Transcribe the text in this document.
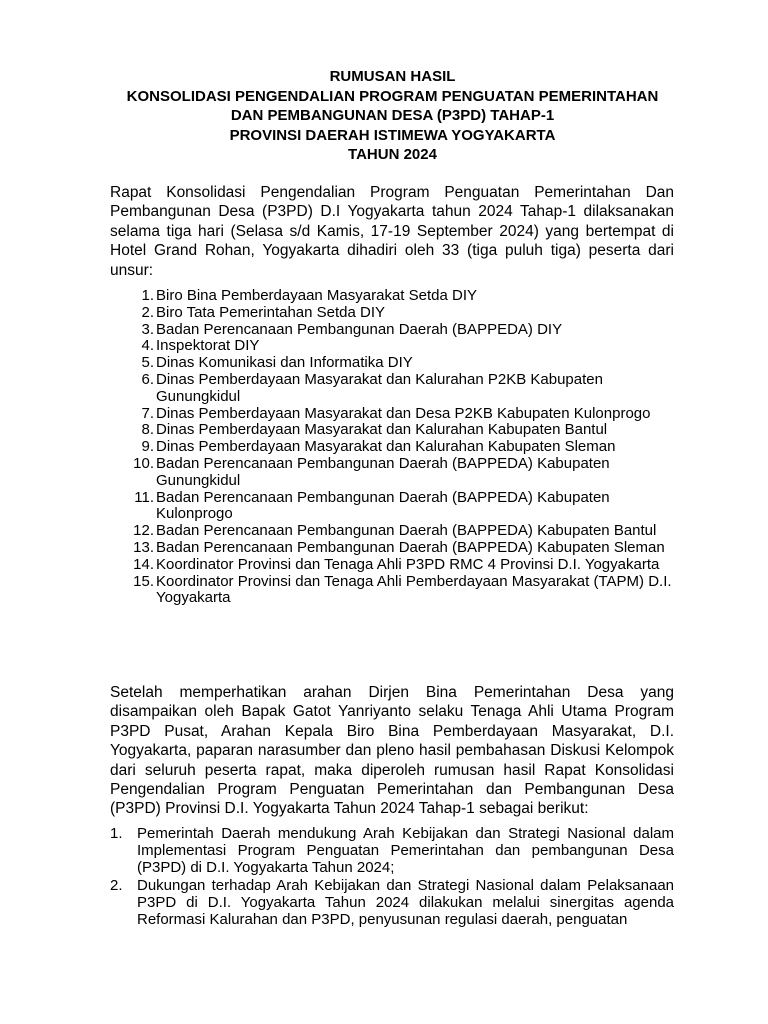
RUMUSAN HASIL
KONSOLIDASI PENGENDALIAN PROGRAM PENGUATAN PEMERINTAHAN
DAN PEMBANGUNAN DESA (P3PD) TAHAP-1
PROVINSI DAERAH ISTIMEWA YOGYAKARTA
TAHUN 2024

Rapat Konsolidasi Pengendalian Program Penguatan Pemerintahan Dan Pembangunan Desa (P3PD) D.I Yogyakarta tahun 2024 Tahap-1 dilaksanakan selama tiga hari (Selasa s/d Kamis, 17-19 September 2024) yang bertempat di Hotel Grand Rohan, Yogyakarta dihadiri oleh 33 (tiga puluh tiga) peserta dari unsur:

1. Biro Bina Pemberdayaan Masyarakat Setda DIY
2. Biro Tata Pemerintahan Setda DIY
3. Badan Perencanaan Pembangunan Daerah (BAPPEDA) DIY
4. Inspektorat DIY
5. Dinas Komunikasi dan Informatika DIY
6. Dinas Pemberdayaan Masyarakat dan Kalurahan P2KB Kabupaten Gunungkidul
7. Dinas Pemberdayaan Masyarakat dan Desa P2KB Kabupaten Kulonprogo
8. Dinas Pemberdayaan Masyarakat dan Kalurahan Kabupaten Bantul
9. Dinas Pemberdayaan Masyarakat dan Kalurahan Kabupaten Sleman
10. Badan Perencanaan Pembangunan Daerah (BAPPEDA) Kabupaten Gunungkidul
11. Badan Perencanaan Pembangunan Daerah (BAPPEDA) Kabupaten Kulonprogo
12. Badan Perencanaan Pembangunan Daerah (BAPPEDA) Kabupaten Bantul
13. Badan Perencanaan Pembangunan Daerah (BAPPEDA) Kabupaten Sleman
14. Koordinator Provinsi dan Tenaga Ahli P3PD RMC 4 Provinsi D.I. Yogyakarta
15. Koordinator Provinsi dan Tenaga Ahli Pemberdayaan Masyarakat (TAPM) D.I. Yogyakarta

Setelah memperhatikan arahan Dirjen Bina Pemerintahan Desa yang disampaikan oleh Bapak Gatot Yanriyanto selaku Tenaga Ahli Utama Program P3PD Pusat, Arahan Kepala Biro Bina Pemberdayaan Masyarakat, D.I. Yogyakarta, paparan narasumber dan pleno hasil pembahasan Diskusi Kelompok dari seluruh peserta rapat, maka diperoleh rumusan hasil Rapat Konsolidasi Pengendalian Program Penguatan Pemerintahan dan Pembangunan Desa (P3PD) Provinsi D.I. Yogyakarta Tahun 2024 Tahap-1 sebagai berikut:

1. Pemerintah Daerah mendukung Arah Kebijakan dan Strategi Nasional dalam Implementasi Program Penguatan Pemerintahan dan pembangunan Desa (P3PD) di D.I. Yogyakarta Tahun 2024;
2. Dukungan terhadap Arah Kebijakan dan Strategi Nasional dalam Pelaksanaan P3PD di D.I. Yogyakarta Tahun 2024 dilakukan melalui sinergitas agenda Reformasi Kalurahan dan P3PD, penyusunan regulasi daerah, penguatan
